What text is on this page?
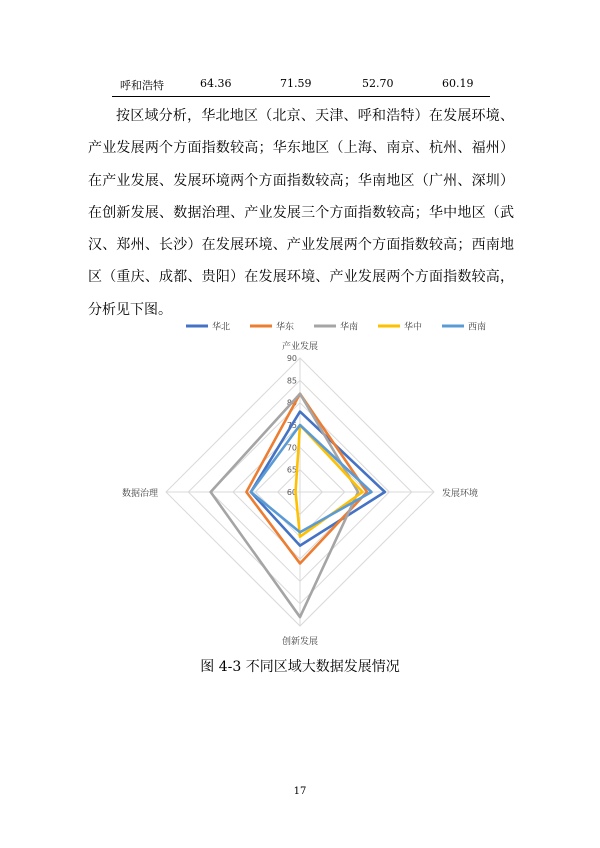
呼和浩特	64.36	71.59	52.70	60.19

按区域分析，华北地区（北京、天津、呼和浩特）在发展环境、
产业发展两个方面指数较高；华东地区（上海、南京、杭州、福州）
在产业发展、发展环境两个方面指数较高；华南地区（广州、深圳）
在创新发展、数据治理、产业发展三个方面指数较高；华中地区（武
汉、郑州、长沙）在发展环境、产业发展两个方面指数较高；西南地
区（重庆、成都、贵阳）在发展环境、产业发展两个方面指数较高，
分析见下图。

60
65
70
75
80
85
90
产业发展
发展环境
创新发展
数据治理
华北	华东	华南	华中	西南
图 4-3 不同区域大数据发展情况
17
